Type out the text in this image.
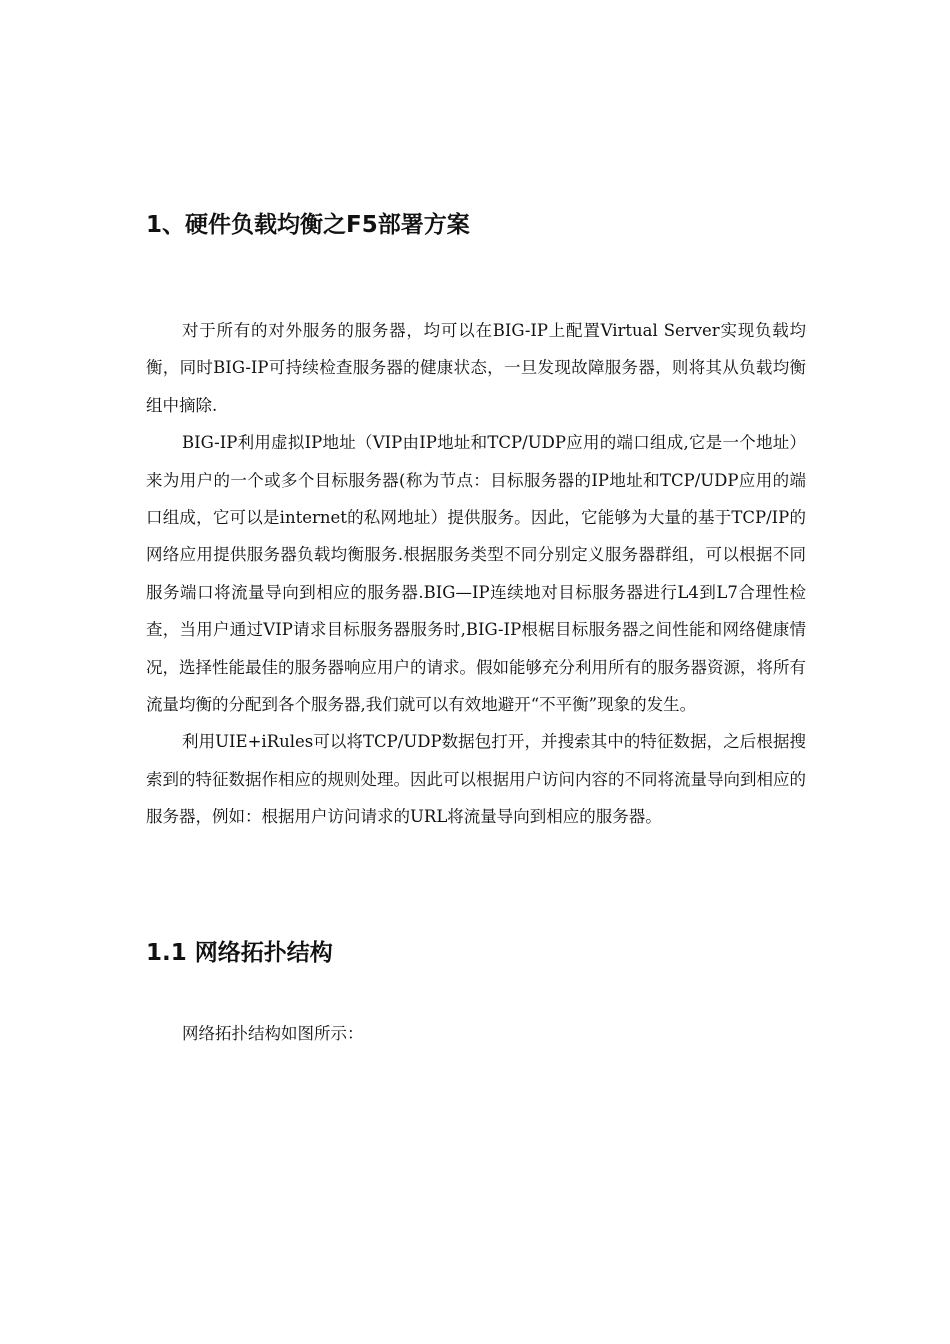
1、硬件负载均衡之F5部署方案

对于所有的对外服务的服务器，均可以在BIG-IP上配置Virtual Server实现负载均衡，同时BIG-IP可持续检查服务器的健康状态，一旦发现故障服务器，则将其从负载均衡组中摘除.

BIG-IP利用虚拟IP地址（VIP由IP地址和TCP/UDP应用的端口组成,它是一个地址）来为用户的一个或多个目标服务器(称为节点：目标服务器的IP地址和TCP/UDP应用的端口组成，它可以是internet的私网地址）提供服务。因此，它能够为大量的基于TCP/IP的网络应用提供服务器负载均衡服务.根据服务类型不同分别定义服务器群组，可以根据不同服务端口将流量导向到相应的服务器.BIG—IP连续地对目标服务器进行L4到L7合理性检查，当用户通过VIP请求目标服务器服务时,BIG-IP根椐目标服务器之间性能和网络健康情况，选择性能最佳的服务器响应用户的请求。假如能够充分利用所有的服务器资源，将所有流量均衡的分配到各个服务器,我们就可以有效地避开“不平衡”现象的发生。

利用UIE+iRules可以将TCP/UDP数据包打开，并搜索其中的特征数据，之后根据搜索到的特征数据作相应的规则处理。因此可以根据用户访问内容的不同将流量导向到相应的服务器，例如：根据用户访问请求的URL将流量导向到相应的服务器。

1.1 网络拓扑结构

网络拓扑结构如图所示：
